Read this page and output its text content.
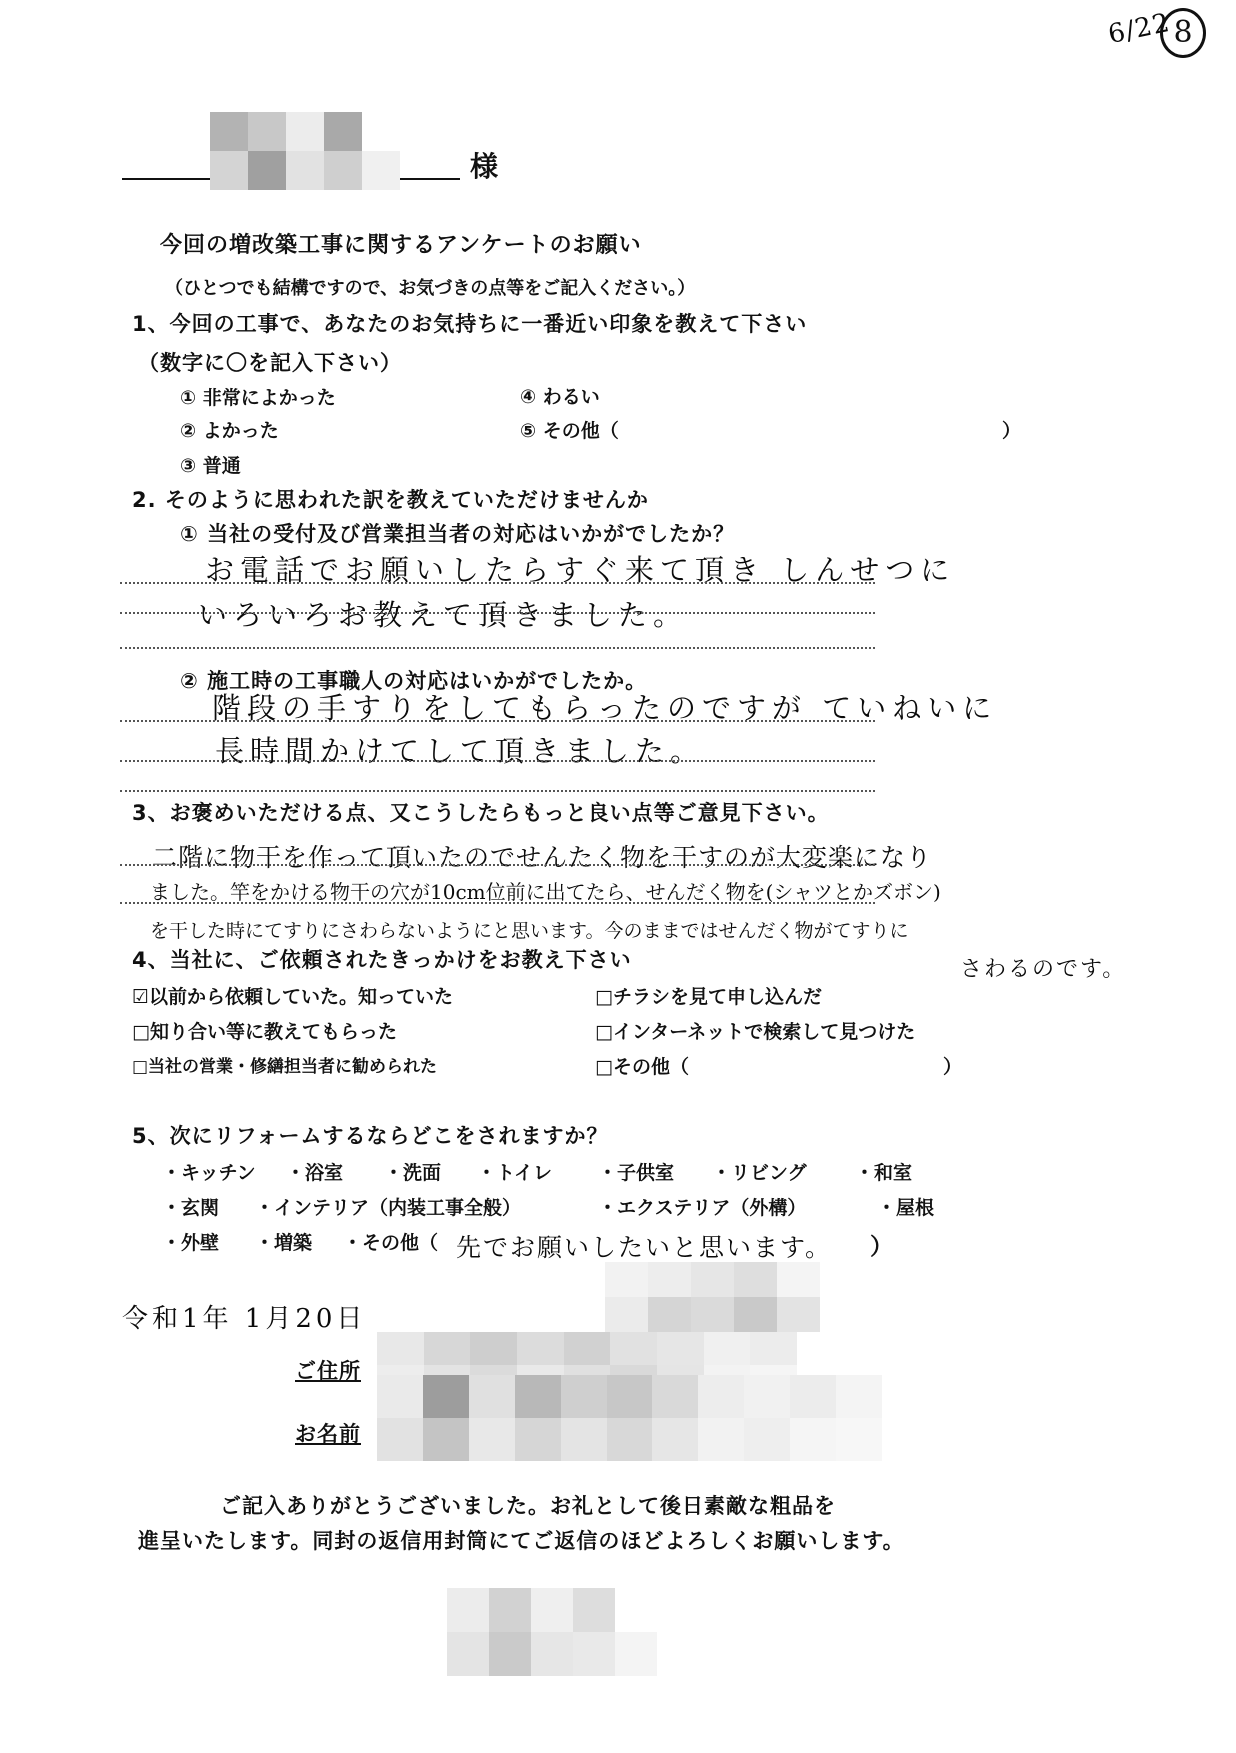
6/22 8
様
今回の増改築工事に関するアンケートのお願い
（ひとつでも結構ですので、お気づきの点等をご記入ください。）
1、今回の工事で、あなたのお気持ちに一番近い印象を教えて下さい
（数字に〇を記入下さい）
① 非常によかった
② よかった
③ 普通
④ わるい
⑤ その他（	）
2. そのように思われた訳を教えていただけませんか
① 当社の受付及び営業担当者の対応はいかがでしたか？
お電話でお願いしたらすぐ来て頂き しんせつに
いろいろお教えて頂きました。
② 施工時の工事職人の対応はいかがでしたか。
階段の手すりをしてもらったのですが ていねいに
長時間かけてして頂きました。
3、お褒めいただける点、又こうしたらもっと良い点等ご意見下さい。
二階に物干を作って頂いたのでせんたく物を干すのが大変楽になり
ました。竿をかける物干の穴が10cm位前に出てたら、せんだく物を(シャツとかズボン)
を干した時にてすりにさわらないようにと思います。今のままではせんだく物がてすりに
さわるのです。
4、当社に、ご依頼されたきっかけをお教え下さい
☑以前から依頼していた。知っていた	□チラシを見て申し込んだ
□知り合い等に教えてもらった	□インターネットで検索して見つけた
□当社の営業・修繕担当者に勧められた	□その他（	）
5、次にリフォームするならどこをされますか？
・キッチン ・浴室 ・洗面 ・トイレ ・子供室 ・リビング	・和室
・玄関 ・インテリア（内装工事全般）	・エクステリア（外構）	・屋根
・外壁 ・増築 ・その他（ 先でお願いしたいと思います。 ）
令和1年 1月20日
ご住所
お名前
ご記入ありがとうございました。お礼として後日素敵な粗品を
進呈いたします。同封の返信用封筒にてご返信のほどよろしくお願いします。
